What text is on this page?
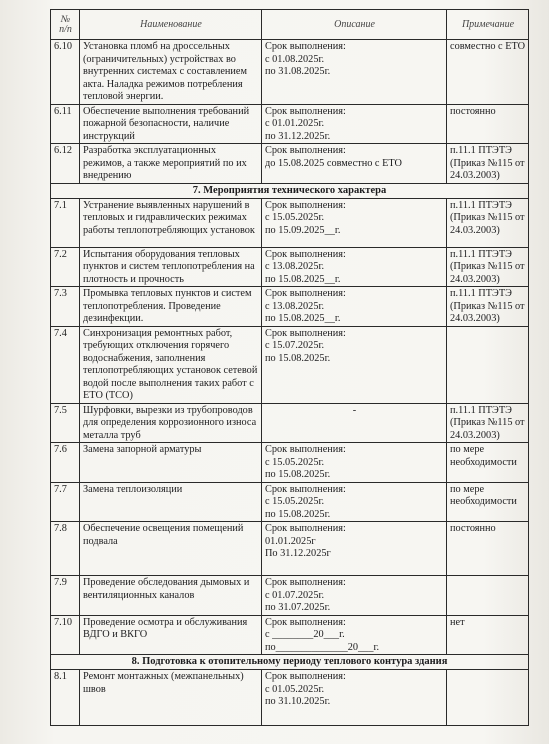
№
п/п	Наименование	Описание	Примечание
6.10	Установка пломб на дроссельных (ограничительных) устройствах во внутренних системах с составлением акта. Наладка режимов потребления тепловой энергии.	Срок выполнения:
с 01.08.2025г.
по 31.08.2025г.	совместно с ЕТО
6.11	Обеспечение выполнения требований пожарной безопасности, наличие инструкций	Срок выполнения:
с 01.01.2025г.
по 31.12.2025г.	постоянно
6.12	Разработка эксплуатационных режимов, а также мероприятий по их внедрению	Срок выполнения:
до 15.08.2025 совместно с ЕТО	п.11.1 ПТЭТЭ (Приказ №115 от 24.03.2003)
7. Мероприятия технического характера			
7.1	Устранение выявленных нарушений в тепловых и гидравлических режимах работы теплопотребляющих установок	Срок выполнения:
с 15.05.2025г.
по 15.09.2025__г.	п.11.1 ПТЭТЭ (Приказ №115 от 24.03.2003)
7.2	Испытания оборудования тепловых пунктов и систем теплопотребления на плотность и прочность	Срок выполнения:
с 13.08.2025г.
по 15.08.2025__г.	п.11.1 ПТЭТЭ (Приказ №115 от 24.03.2003)
7.3	Промывка тепловых пунктов и систем теплопотребления. Проведение дезинфекции.	Срок выполнения:
с 13.08.2025г.
по 15.08.2025__г.	п.11.1 ПТЭТЭ (Приказ №115 от 24.03.2003)
7.4	Синхронизация ремонтных работ, требующих отключения горячего водоснабжения, заполнения теплопотребляющих установок сетевой водой после выполнения таких работ с ЕТО (ТСО)	Срок выполнения:
с 15.07.2025г.
по 15.08.2025г.	
7.5	Шурфовки, вырезки из трубопроводов для определения коррозионного износа металла труб	-	п.11.1 ПТЭТЭ (Приказ №115 от 24.03.2003)
7.6	Замена запорной арматуры	Срок выполнения:
с 15.05.2025г.
по 15.08.2025г.	по мере необходимости
7.7	Замена теплоизоляции	Срок выполнения:
с 15.05.2025г.
по 15.08.2025г.	по мере необходимости
7.8	Обеспечение освещения помещений подвала	Срок выполнения:
01.01.2025г
По 31.12.2025г	постоянно
7.9	Проведение обследования дымовых и вентиляционных каналов	Срок выполнения:
с 01.07.2025г.
по 31.07.2025г.	
7.10	Проведение осмотра и обслуживания ВДГО и ВКГО	Срок выполнения:
с ________20___г.
по______________20___г.	нет
8. Подготовка к отопительному периоду теплового контура здания			
8.1	Ремонт монтажных (межпанельных) швов	Срок выполнения:
с 01.05.2025г.
по 31.10.2025г.	
